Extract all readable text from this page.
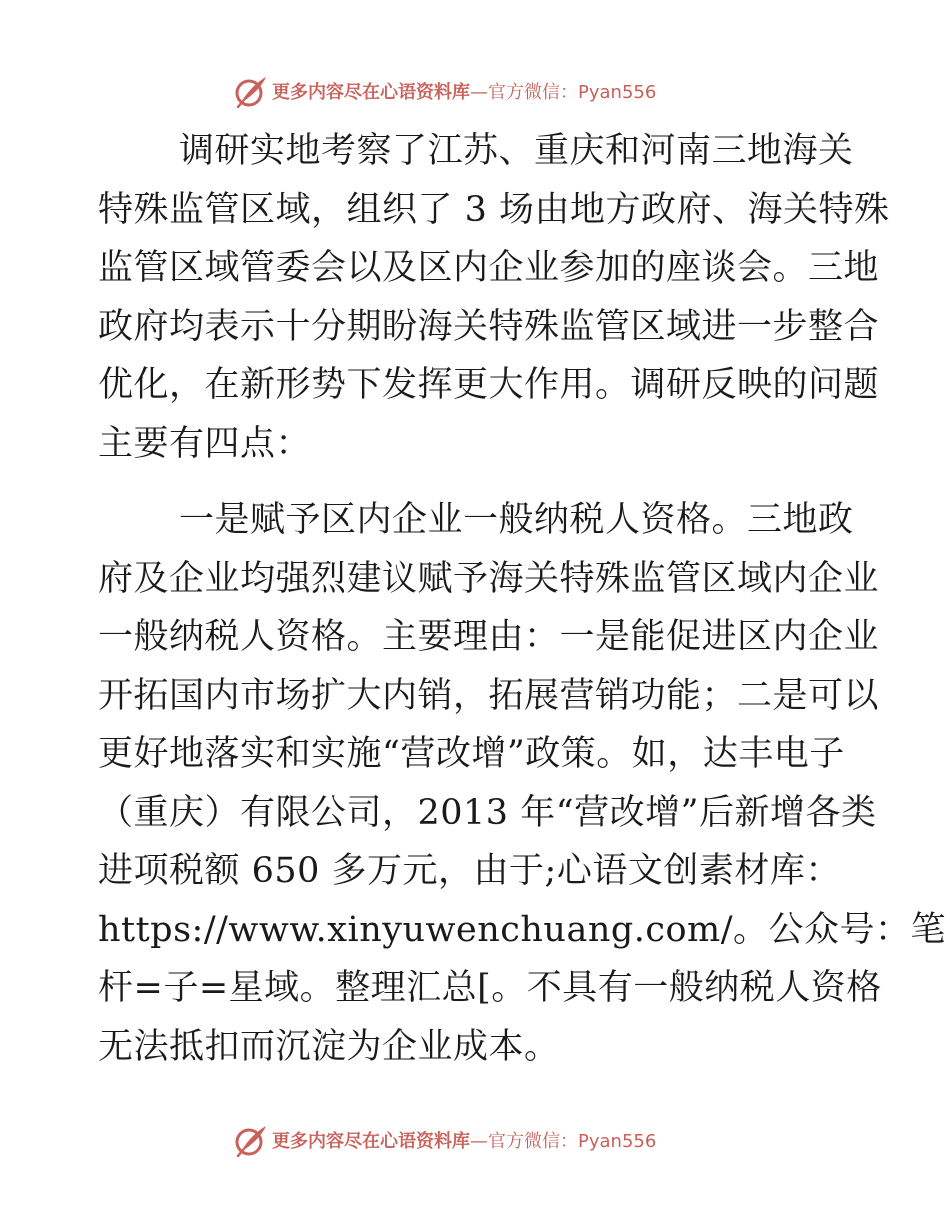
更多内容尽在心语资料库 —官方微信：Pyan556
调研实地考察了江苏、重庆和河南三地海关
特殊监管区域，组织了 3 场由地方政府、海关特殊
监管区域管委会以及区内企业参加的座谈会。三地
政府均表示十分期盼海关特殊监管区域进一步整合
优化，在新形势下发挥更大作用。调研反映的问题
主要有四点：
一是赋予区内企业一般纳税人资格。三地政
府及企业均强烈建议赋予海关特殊监管区域内企业
一般纳税人资格。主要理由：一是能促进区内企业
开拓国内市场扩大内销，拓展营销功能；二是可以
更好地落实和实施“营改增”政策。如，达丰电子
（重庆）有限公司，2013 年“营改增”后新增各类
进项税额 650 多万元，由于;心语文创素材库：
https://www.xinyuwenchuang.com/。公众号：笔
杆=子=星域。整理汇总[。不具有一般纳税人资格
无法抵扣而沉淀为企业成本。
更多内容尽在心语资料库 —官方微信：Pyan556
